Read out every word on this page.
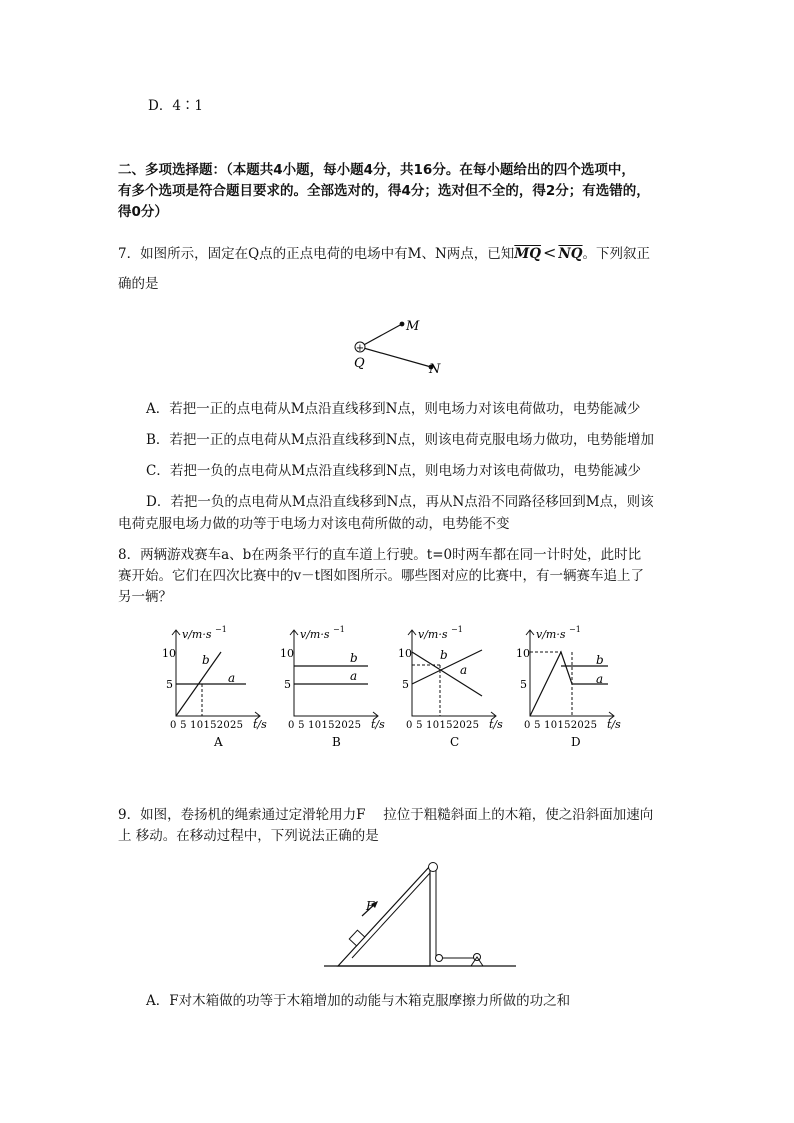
D．4∶1
二、多项选择题：（本题共4小题，每小题4分，共16分。在每小题给出的四个选项中，
有多个选项是符合题目要求的。全部选对的，得4分；选对但不全的，得2分；有选错的，
得0分）
7．如图所示，固定在Q点的正点电荷的电场中有M、N两点，已知$\overline{MQ} < \overline{NQ}$。下列叙正
确的是
+
M
N
Q
A．若把一正的点电荷从M点沿直线移到N点，则电场力对该电荷做功，电势能减少
B．若把一正的点电荷从M点沿直线移到N点，则该电荷克服电场力做功，电势能增加
C．若把一负的点电荷从M点沿直线移到N点，则电场力对该电荷做功，电势能减少
D．若把一负的点电荷从M点沿直线移到N点，再从N点沿不同路径移回到M点，则该
电荷克服电场力做的功等于电场力对该电荷所做的动，电势能不变
8．两辆游戏赛车a、b在两条平行的直车道上行驶。t=0时两车都在同一计时处，此时比
赛开始。它们在四次比赛中的v－t图如图所示。哪些图对应的比赛中，有一辆赛车追上了
另一辆？
v/m·s −1
10
5
0 5 10152025 t/s
b
a
A
v/m·s −1
10
5
0 5 10152025 t/s
b
a
B
v/m·s −1
10
5
0 5 10152025 t/s
b
a
C
v/m·s −1
10
5
0 5 10152025 t/s
b
a
D
9．如图，卷扬机的绳索通过定滑轮用力F　 拉位于粗糙斜面上的木箱，使之沿斜面加速向
上 移动。在移动过程中，下列说法正确的是
F
A．F对木箱做的功等于木箱增加的动能与木箱克服摩擦力所做的功之和
